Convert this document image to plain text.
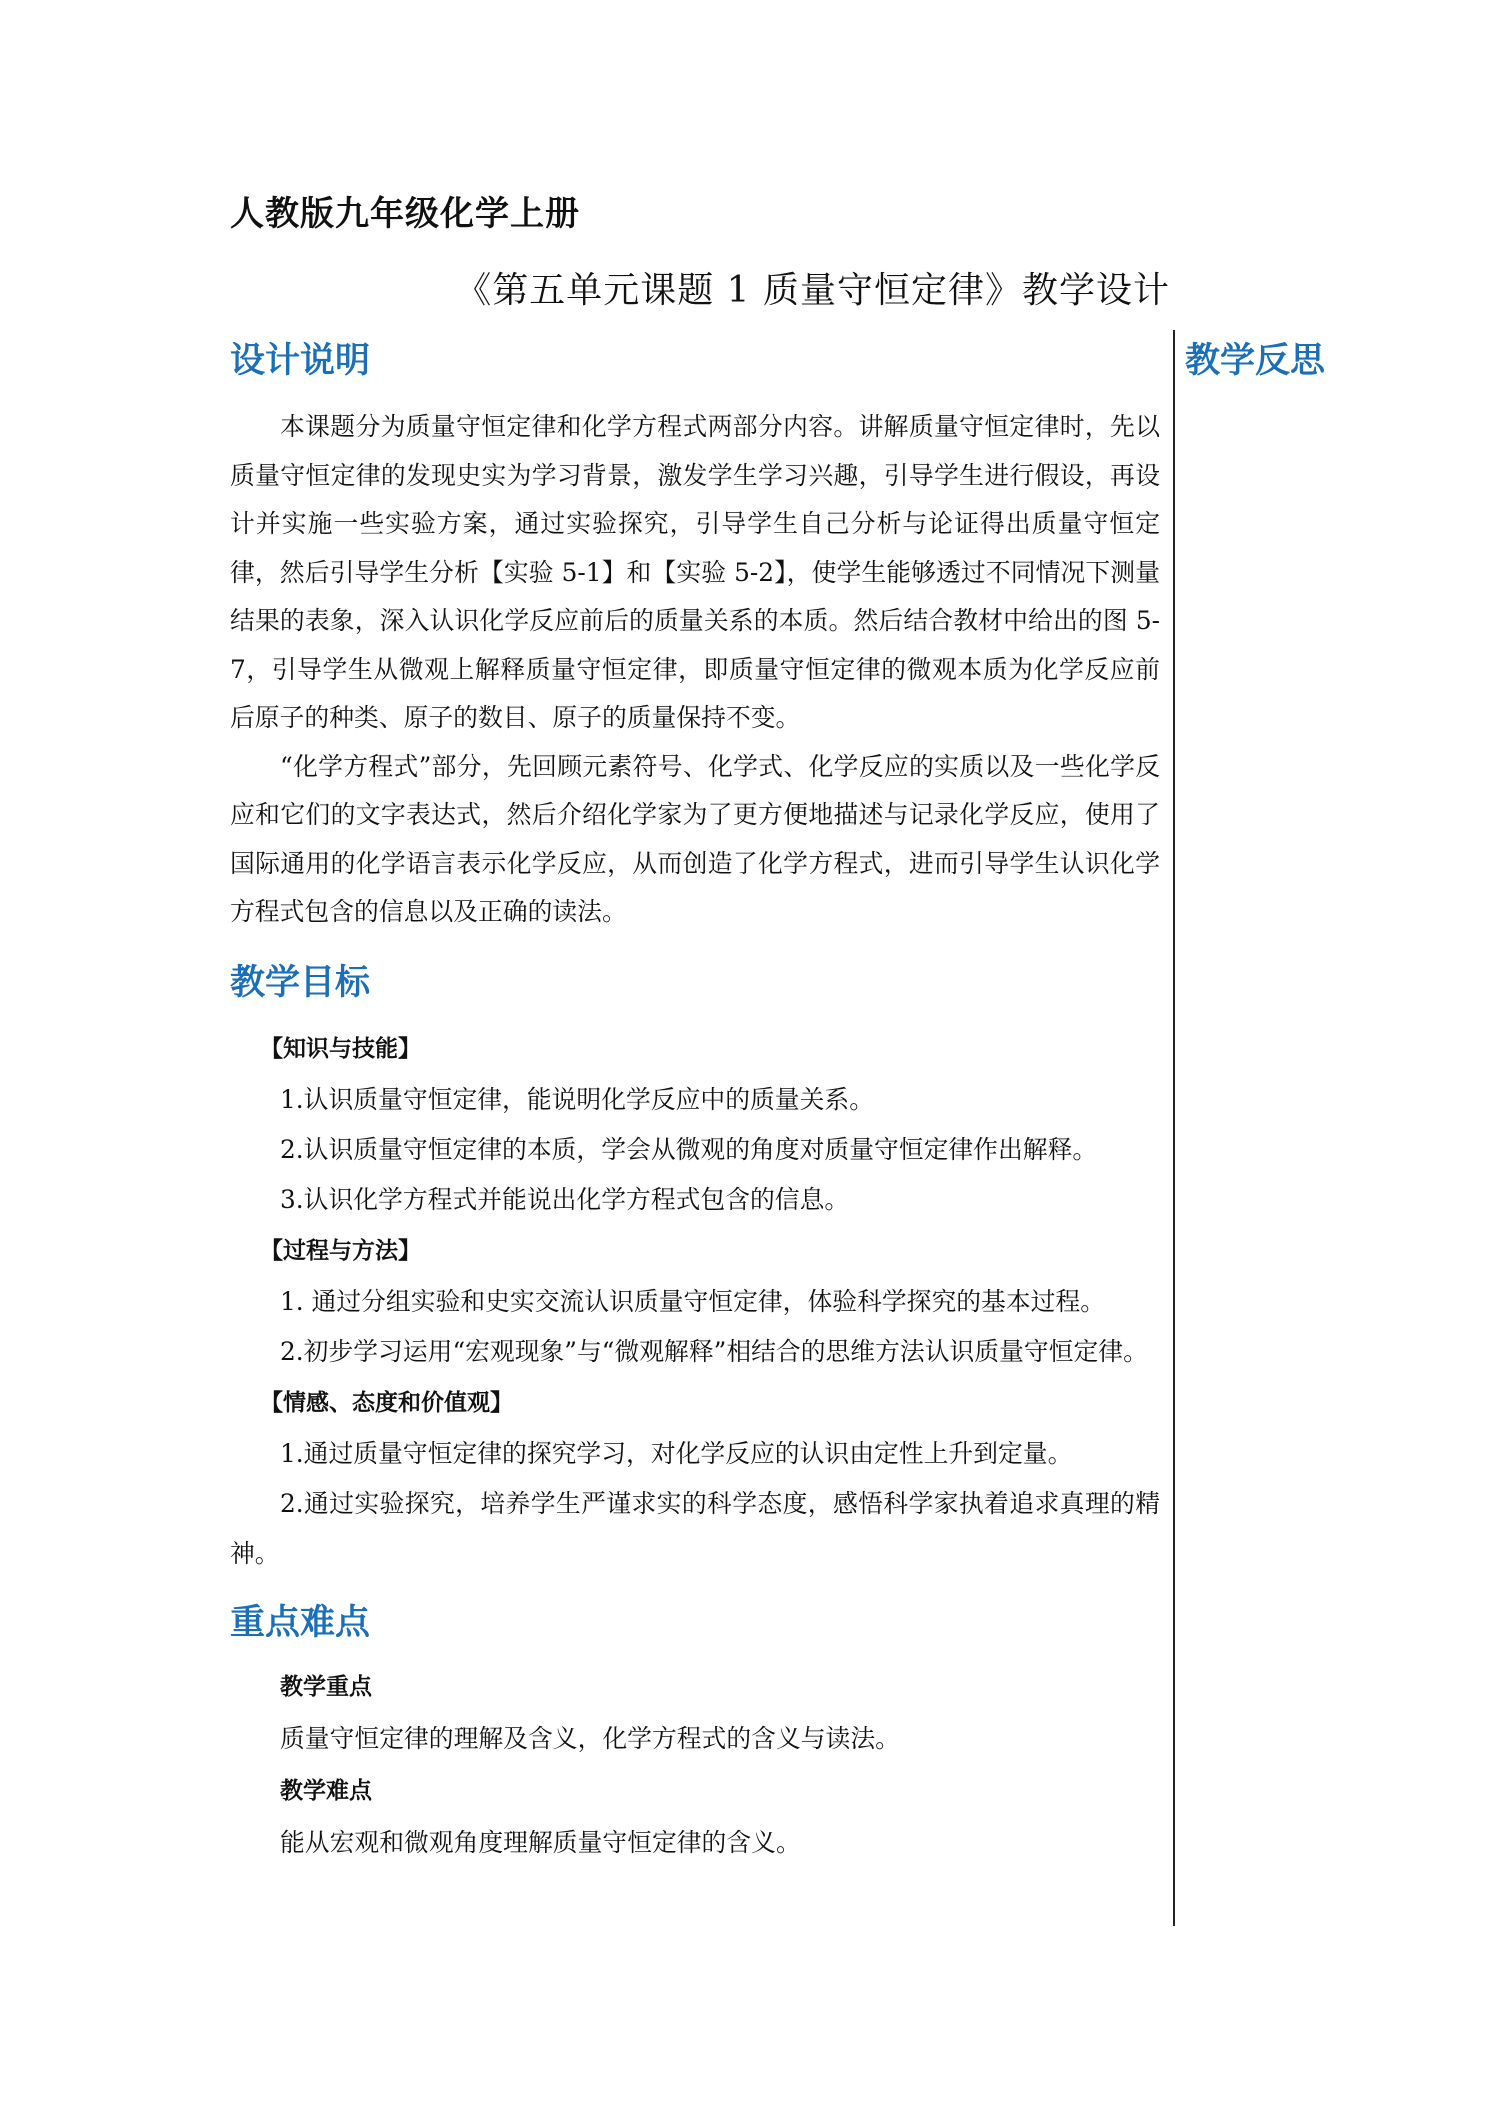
人教版九年级化学上册
《第五单元课题 1 质量守恒定律》教学设计
教学反思
设计说明

本课题分为质量守恒定律和化学方程式两部分内容。讲解质量守恒定律时，先以质量守恒定律的发现史实为学习背景，激发学生学习兴趣，引导学生进行假设，再设计并实施一些实验方案，通过实验探究，引导学生自己分析与论证得出质量守恒定律，然后引导学生分析【实验 5-1】和【实验 5-2】，使学生能够透过不同情况下测量结果的表象，深入认识化学反应前后的质量关系的本质。然后结合教材中给出的图 5-7，引导学生从微观上解释质量守恒定律，即质量守恒定律的微观本质为化学反应前后原子的种类、原子的数目、原子的质量保持不变。

“化学方程式”部分，先回顾元素符号、化学式、化学反应的实质以及一些化学反应和它们的文字表达式，然后介绍化学家为了更方便地描述与记录化学反应，使用了国际通用的化学语言表示化学反应，从而创造了化学方程式，进而引导学生认识化学方程式包含的信息以及正确的读法。

教学目标
【知识与技能】

1.认识质量守恒定律，能说明化学反应中的质量关系。

2.认识质量守恒定律的本质，学会从微观的角度对质量守恒定律作出解释。

3.认识化学方程式并能说出化学方程式包含的信息。

【过程与方法】

1. 通过分组实验和史实交流认识质量守恒定律，体验科学探究的基本过程。

2.初步学习运用“宏观现象”与“微观解释”相结合的思维方法认识质量守恒定律。

【情感、态度和价值观】

1.通过质量守恒定律的探究学习，对化学反应的认识由定性上升到定量。

2.通过实验探究，培养学生严谨求实的科学态度，感悟科学家执着追求真理的精神。

重点难点
教学重点

质量守恒定律的理解及含义，化学方程式的含义与读法。

教学难点

能从宏观和微观角度理解质量守恒定律的含义。
